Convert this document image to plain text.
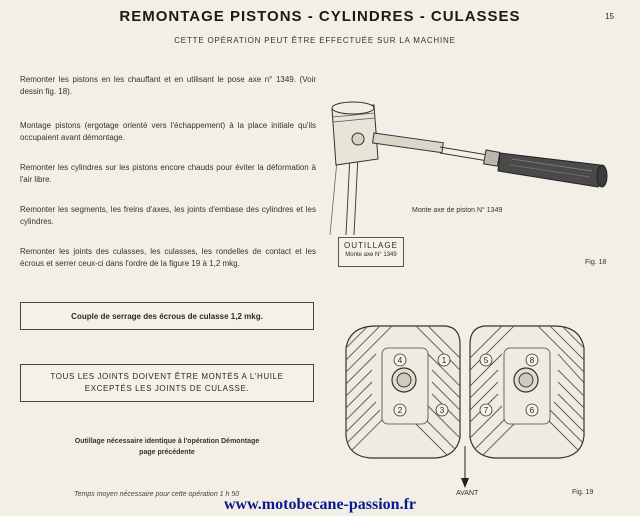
REMONTAGE PISTONS - CYLINDRES - CULASSES	15
CETTE OPÉRATION PEUT ÊTRE EFFECTUÉE SUR LA MACHINE
Remonter les pistons en les chauffant et en utilisant le pose axe n° 1349. (Voir dessin fig. 18).
Montage pistons (ergotage orienté vers l'échappement) à la place initiale qu'ils occupaient avant démontage.
Remonter les cylindres sur les pistons encore chauds pour éviter la déformation à l'air libre.
Remonter les segments, les freins d'axes, les joints d'embase des cylindres et les cylindres.
Remonter les joints des culasses, les culasses, les rondelles de contact et les écrous et serrer ceux-ci dans l'ordre de la figure 19 à 1,2 mkg.
Couple de serrage des écrous de culasse 1,2 mkg.
TOUS LES JOINTS DOIVENT ÊTRE MONTÉS A L'HUILE
EXCEPTÉS LES JOINTS DE CULASSE.
Outillage nécessaire identique à l'opération Démontage
page précédente
Temps moyen nécessaire pour cette opération 1 h 50
www.motobecane-passion.fr
Monte axe de piston N° 1349
OUTILLAGE
Monte axe N° 1349
Fig. 18
4	1	5	8
2	3	7	6
AVANT	Fig. 19
